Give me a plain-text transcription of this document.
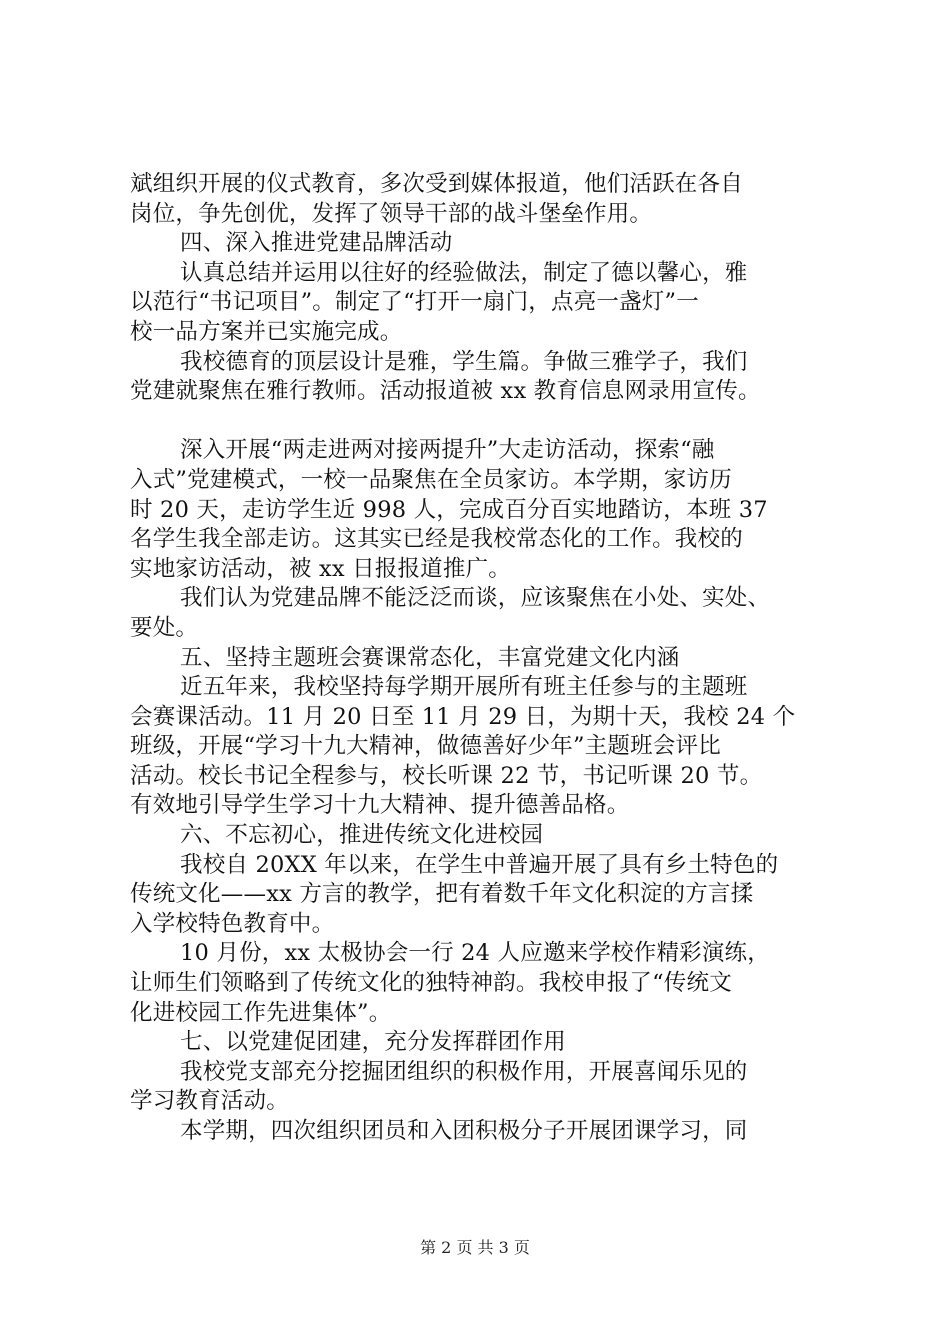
斌组织开展的仪式教育，多次受到媒体报道，他们活跃在各自
岗位，争先创优，发挥了领导干部的战斗堡垒作用。
四、深入推进党建品牌活动
认真总结并运用以往好的经验做法，制定了德以馨心，雅
以范行“书记项目”。制定了“打开一扇门，点亮一盏灯”一
校一品方案并已实施完成。
我校德育的顶层设计是雅，学生篇。争做三雅学子，我们
党建就聚焦在雅行教师。活动报道被 xx 教育信息网录用宣传。
深入开展“两走进两对接两提升”大走访活动，探索“融
入式”党建模式，一校一品聚焦在全员家访。本学期，家访历
时 20 天，走访学生近 998 人，完成百分百实地踏访，本班 37
名学生我全部走访。这其实已经是我校常态化的工作。我校的
实地家访活动，被 xx 日报报道推广。
我们认为党建品牌不能泛泛而谈，应该聚焦在小处、实处、
要处。
五、坚持主题班会赛课常态化，丰富党建文化内涵
近五年来，我校坚持每学期开展所有班主任参与的主题班
会赛课活动。11 月 20 日至 11 月 29 日，为期十天，我校 24 个
班级，开展“学习十九大精神，做德善好少年”主题班会评比
活动。校长书记全程参与，校长听课 22 节，书记听课 20 节。
有效地引导学生学习十九大精神、提升德善品格。
六、不忘初心，推进传统文化进校园
我校自 20XX 年以来，在学生中普遍开展了具有乡土特色的
传统文化——xx 方言的教学，把有着数千年文化积淀的方言揉
入学校特色教育中。
10 月份，xx 太极协会一行 24 人应邀来学校作精彩演练，
让师生们领略到了传统文化的独特神韵。我校申报了“传统文
化进校园工作先进集体”。
七、以党建促团建，充分发挥群团作用
我校党支部充分挖掘团组织的积极作用，开展喜闻乐见的
学习教育活动。
本学期，四次组织团员和入团积极分子开展团课学习，同
第 2 页 共 3 页
